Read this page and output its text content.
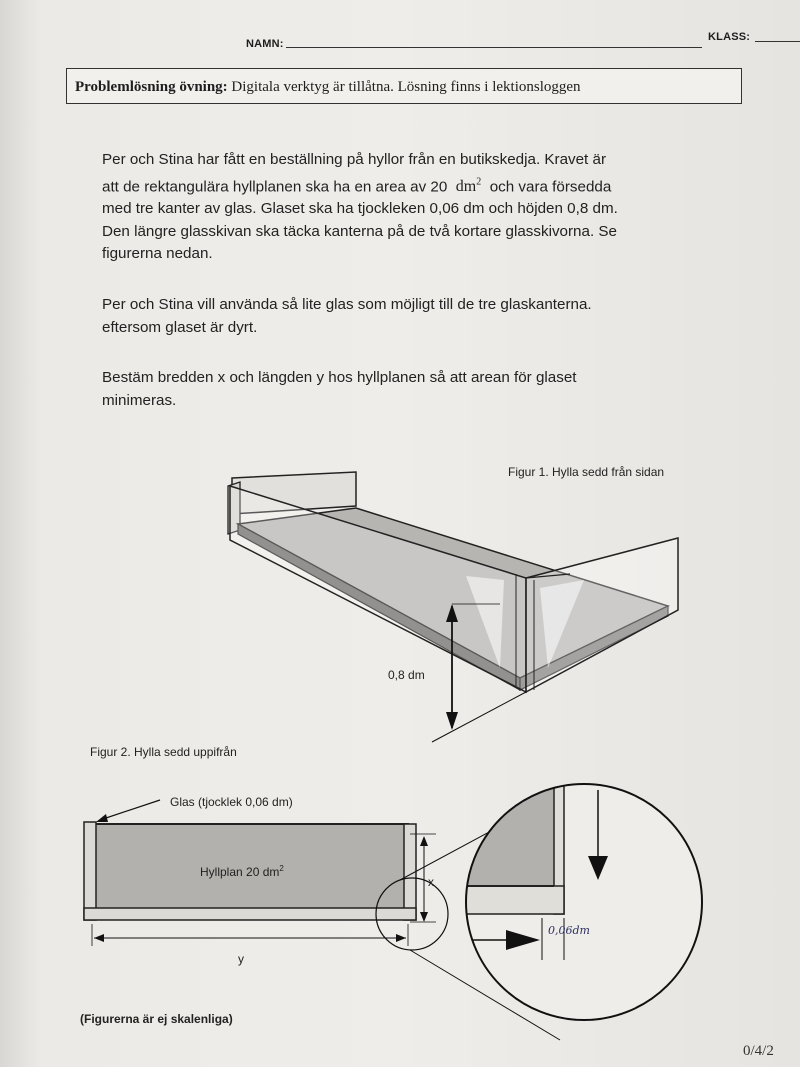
NAMN:
KLASS:
Problemlösning övning: Digitala verktyg är tillåtna. Lösning finns i lektionsloggen
Per och Stina har fått en beställning på hyllor från en butikskedja. Kravet är
att de rektangulära hyllplanen ska ha en area av 20 $dm^2$ och vara försedda
med tre kanter av glas. Glaset ska ha tjockleken 0,06 dm och höjden 0,8 dm.
Den längre glasskivan ska täcka kanterna på de två kortare glasskivorna. Se
figurerna nedan.
Per och Stina vill använda så lite glas som möjligt till de tre glaskanterna.
eftersom glaset är dyrt.
Bestäm bredden x och längden y hos hyllplanen så att arean för glaset
minimeras.
Figur 1. Hylla sedd från sidan
0,8 dm
Figur 2. Hylla sedd uppifrån
Glas (tjocklek 0,06 dm)
Hyllplan 20 $dm^2$
x
y
0,06dm
(Figurerna är ej skalenliga)
0/4/2
